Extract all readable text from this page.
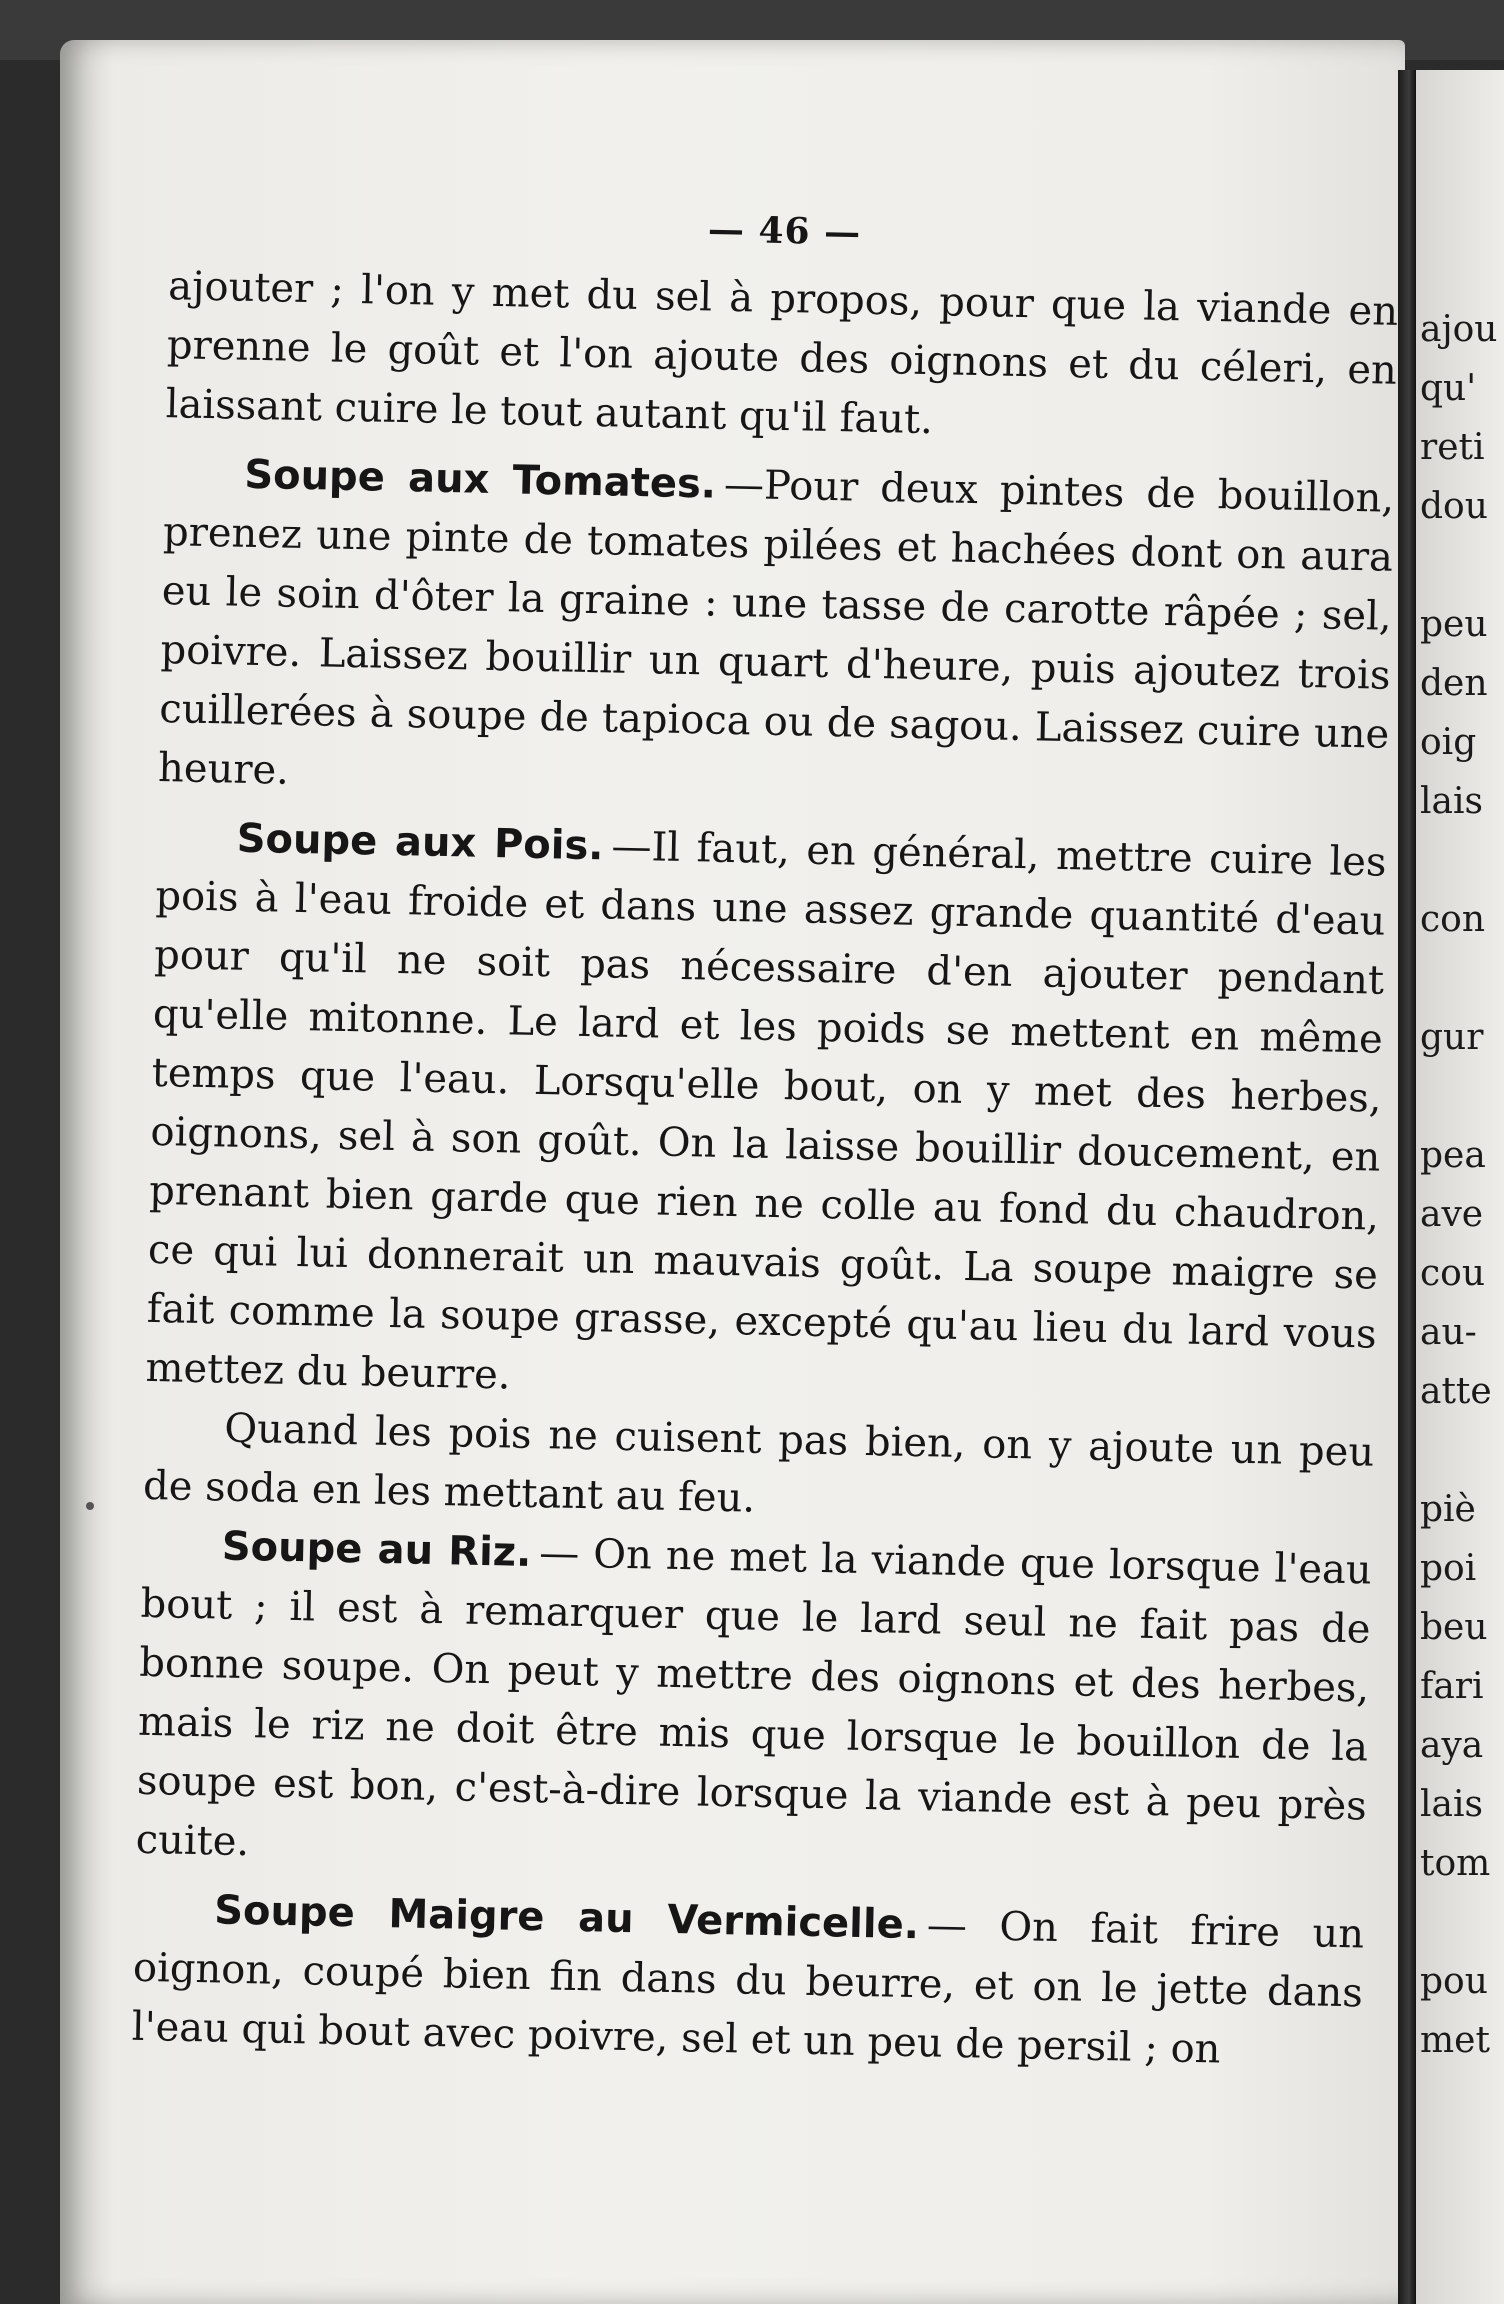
— 46 —

ajouter ; l'on y met du sel à propos, pour que la viande en prenne le goût et l'on ajoute des oignons et du céleri, en laissant cuire le tout autant qu'il faut.

Soupe aux Tomates. —Pour deux pintes de bouillon, prenez une pinte de tomates pilées et hachées dont on aura eu le soin d'ôter la graine : une tasse de carotte râpée ; sel, poivre. Laissez bouillir un quart d'heure, puis ajoutez trois cuillerées à soupe de tapioca ou de sagou. Laissez cuire une heure.

Soupe aux Pois. —Il faut, en général, mettre cuire les pois à l'eau froide et dans une assez grande quantité d'eau pour qu'il ne soit pas nécessaire d'en ajouter pendant qu'elle mitonne. Le lard et les poids se mettent en même temps que l'eau. Lorsqu'elle bout, on y met des herbes, oignons, sel à son goût. On la laisse bouillir doucement, en prenant bien garde que rien ne colle au fond du chaudron, ce qui lui donnerait un mauvais goût. La soupe maigre se fait comme la soupe grasse, excepté qu'au lieu du lard vous mettez du beurre.

Quand les pois ne cuisent pas bien, on y ajoute un peu de soda en les mettant au feu.

Soupe au Riz. — On ne met la viande que lorsque l'eau bout ; il est à remarquer que le lard seul ne fait pas de bonne soupe. On peut y mettre des oignons et des herbes, mais le riz ne doit être mis que lorsque le bouillon de la soupe est bon, c'est-à-dire lorsque la viande est à peu près cuite.

Soupe Maigre au Vermicelle. — On fait frire un oignon, coupé bien fin dans du beurre, et on le jette dans l'eau qui bout avec poivre, sel et un peu de persil ; on

ajou
qu'
reti
dou

peu
den
oig
lais

con

gur

pea
ave
cou
au-
atte

piè
poi
beu
fari
aya
lais
tom

pou
met
